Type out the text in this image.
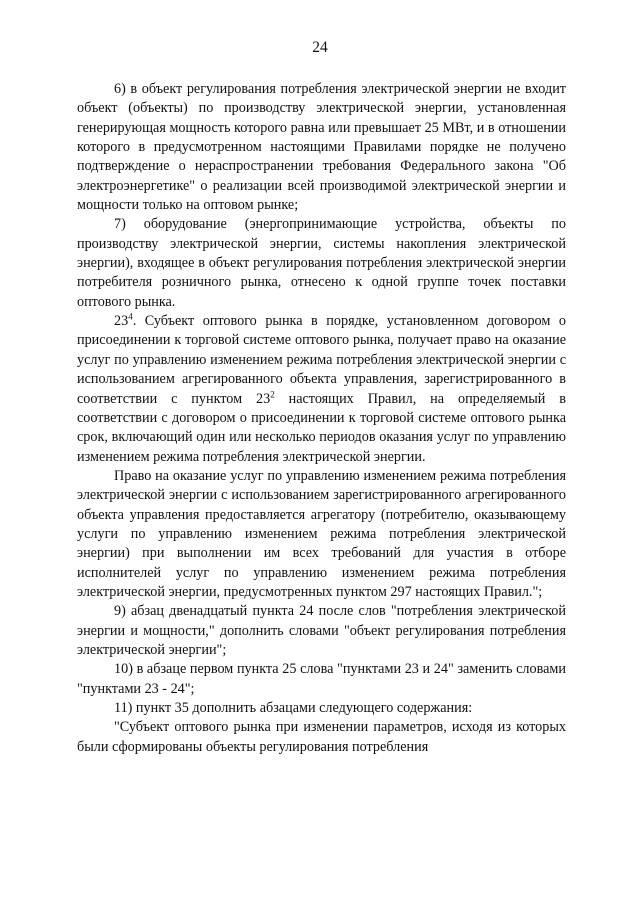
24

6) в объект регулирования потребления электрической энергии не входит объект (объекты) по производству электрической энергии, установленная генерирующая мощность которого равна или превышает 25 МВт, и в отношении которого в предусмотренном настоящими Правилами порядке не получено подтверждение о нераспространении требования Федерального закона "Об электроэнергетике" о реализации всей производимой электрической энергии и мощности только на оптовом рынке;

7) оборудование (энергопринимающие устройства, объекты по производству электрической энергии, системы накопления электрической энергии), входящее в объект регулирования потребления электрической энергии потребителя розничного рынка, отнесено к одной группе точек поставки оптового рынка.

$23^4$. Субъект оптового рынка в порядке, установленном договором о присоединении к торговой системе оптового рынка, получает право на оказание услуг по управлению изменением режима потребления электрической энергии с использованием агрегированного объекта управления, зарегистрированного в соответствии с пунктом $23^2$ настоящих Правил, на определяемый в соответствии с договором о присоединении к торговой системе оптового рынка срок, включающий один или несколько периодов оказания услуг по управлению изменением режима потребления электрической энергии.

Право на оказание услуг по управлению изменением режима потребления электрической энергии с использованием зарегистрированного агрегированного объекта управления предоставляется агрегатору (потребителю, оказывающему услуги по управлению изменением режима потребления электрической энергии) при выполнении им всех требований для участия в отборе исполнителей услуг по управлению изменением режима потребления электрической энергии, предусмотренных пунктом 297 настоящих Правил.";

9) абзац двенадцатый пункта 24 после слов "потребления электрической энергии и мощности," дополнить словами "объект регулирования потребления электрической энергии";

10) в абзаце первом пункта 25 слова "пунктами 23 и 24" заменить словами "пунктами 23 - 24";

11) пункт 35 дополнить абзацами следующего содержания:

"Субъект оптового рынка при изменении параметров, исходя из которых были сформированы объекты регулирования потребления
